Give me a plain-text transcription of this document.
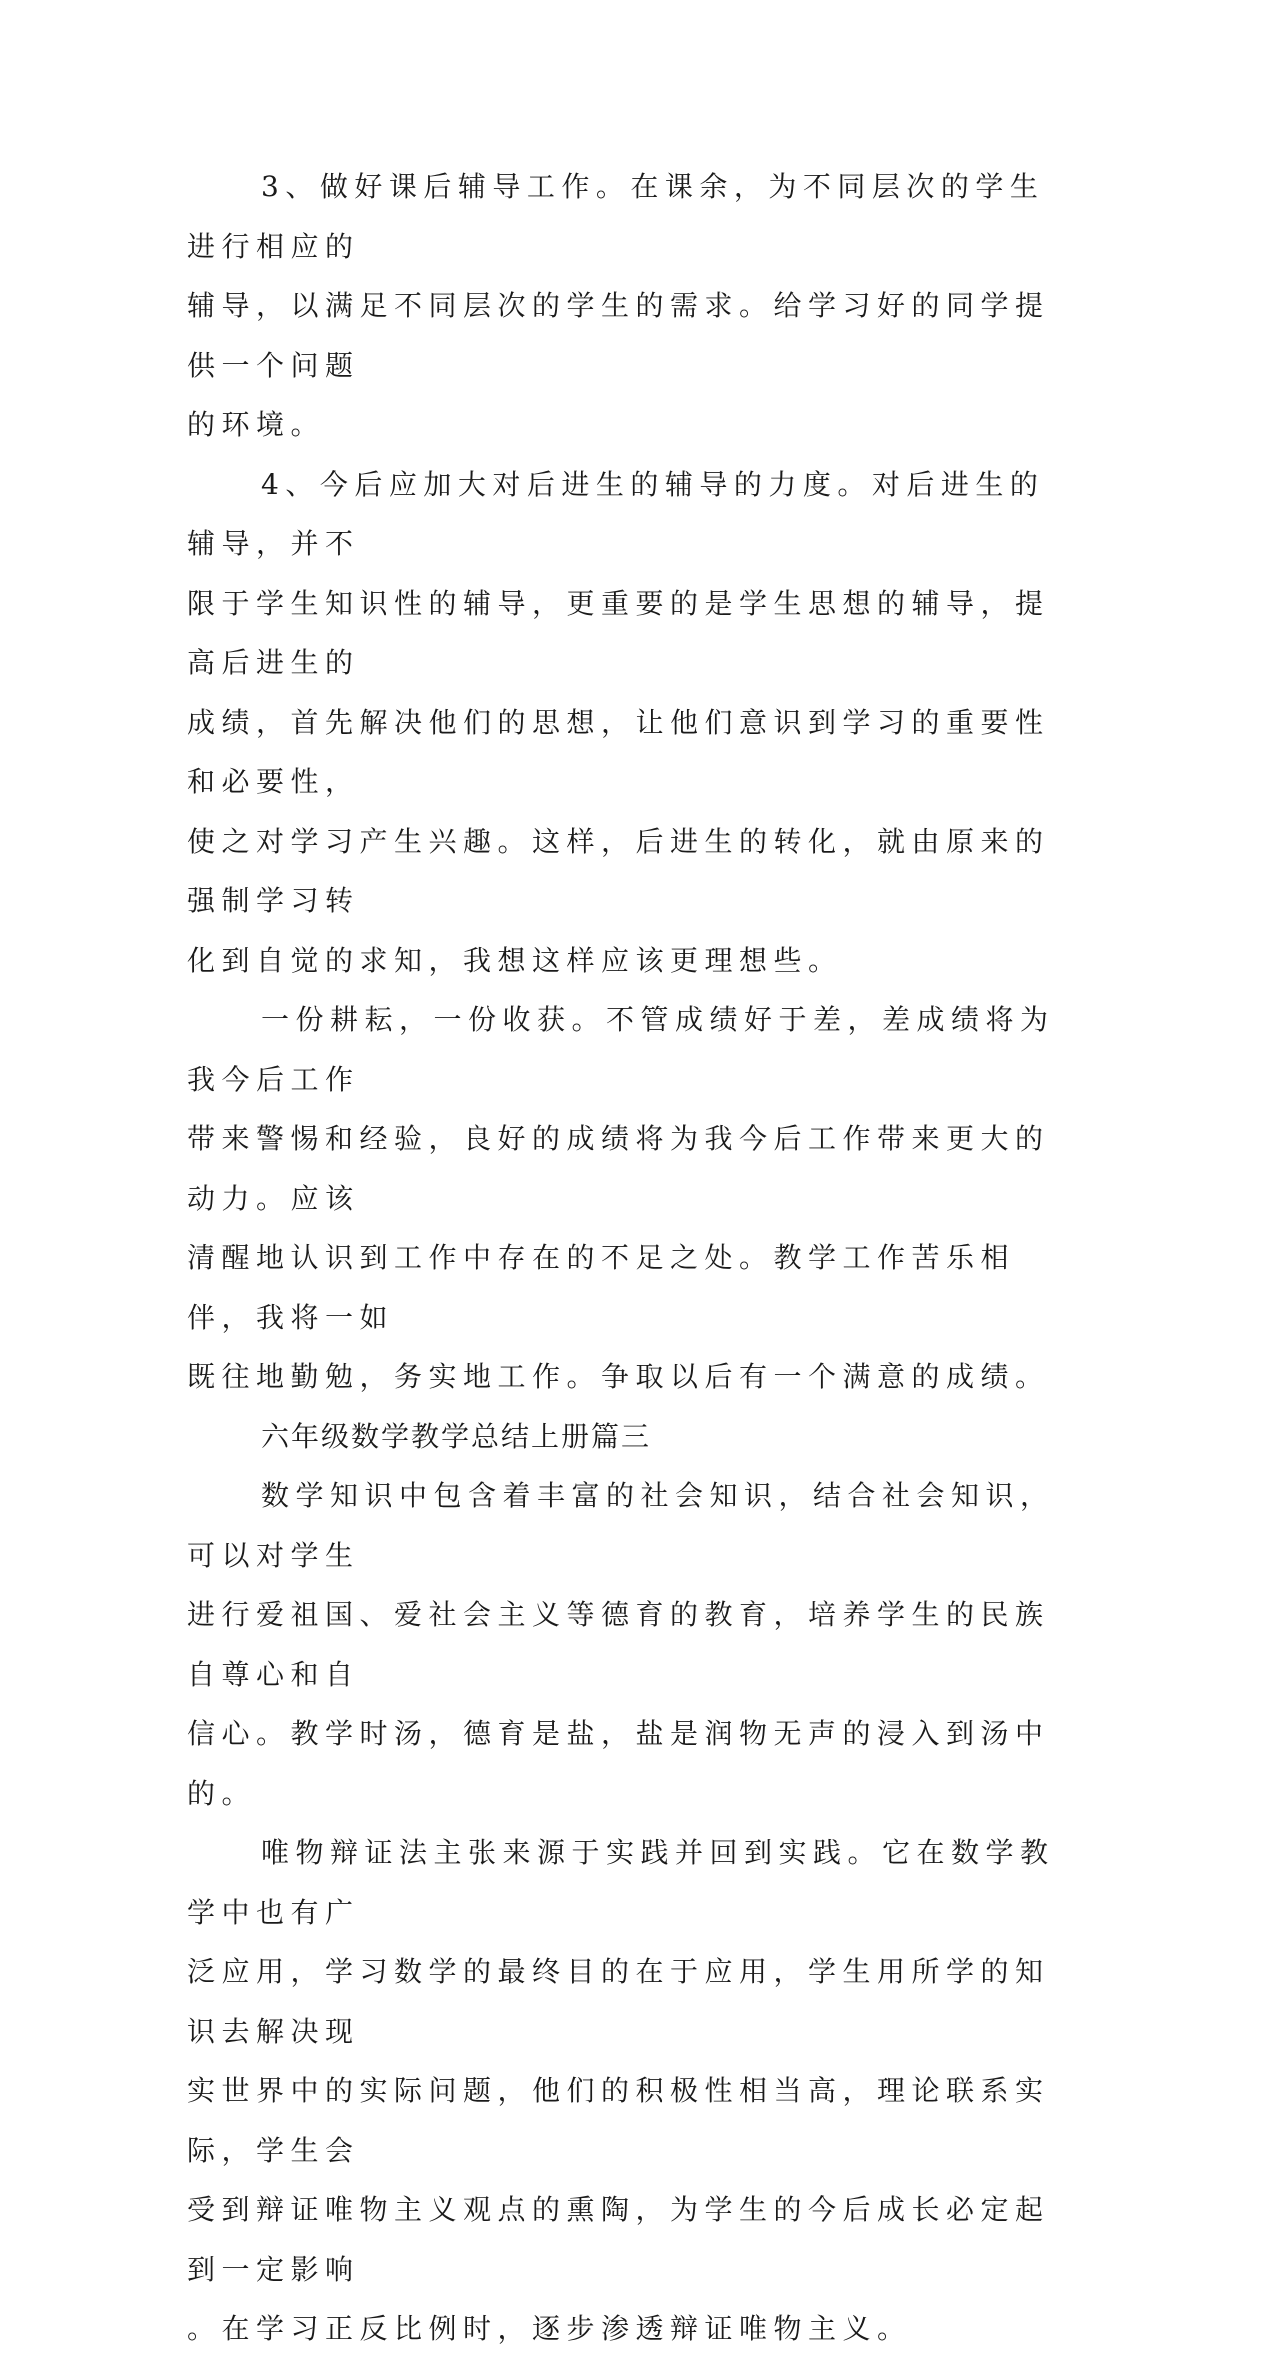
3、做好课后辅导工作。在课余，为不同层次的学生进行相应的
辅导，以满足不同层次的学生的需求。给学习好的同学提供一个问题
的环境。

4、今后应加大对后进生的辅导的力度。对后进生的辅导，并不
限于学生知识性的辅导，更重要的是学生思想的辅导，提高后进生的
成绩，首先解决他们的思想，让他们意识到学习的重要性和必要性，
使之对学习产生兴趣。这样，后进生的转化，就由原来的强制学习转
化到自觉的求知，我想这样应该更理想些。

一份耕耘，一份收获。不管成绩好于差，差成绩将为我今后工作
带来警惕和经验，良好的成绩将为我今后工作带来更大的动力。应该
清醒地认识到工作中存在的不足之处。教学工作苦乐相伴，我将一如
既往地勤勉，务实地工作。争取以后有一个满意的成绩。

六年级数学教学总结上册篇三

数学知识中包含着丰富的社会知识，结合社会知识，可以对学生
进行爱祖国、爱社会主义等德育的教育，培养学生的民族自尊心和自
信心。教学时汤，德育是盐，盐是润物无声的浸入到汤中的。

唯物辩证法主张来源于实践并回到实践。它在数学教学中也有广
泛应用，学习数学的最终目的在于应用，学生用所学的知识去解决现
实世界中的实际问题，他们的积极性相当高，理论联系实际，学生会
受到辩证唯物主义观点的熏陶，为学生的今后成长必定起到一定影响
。在学习正反比例时，逐步渗透辩证唯物主义。
